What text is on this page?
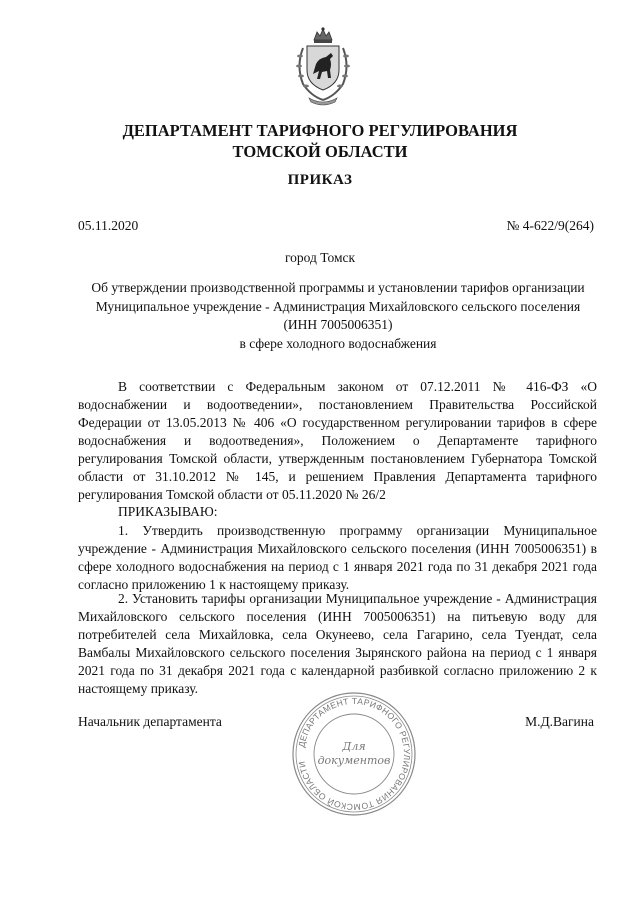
ДЕПАРТАМЕНТ ТАРИФНОГО РЕГУЛИРОВАНИЯ
ТОМСКОЙ ОБЛАСТИ
ПРИКАЗ
05.11.2020	№ 4-622/9(264)
город Томск
Об утверждении производственной программы и установлении тарифов организации
Муниципальное учреждение - Администрация Михайловского сельского поселения
(ИНН 7005006351)
в сфере холодного водоснабжения
В соответствии с Федеральным законом от 07.12.2011 № 416-ФЗ «О водоснабжении и водоотведении», постановлением Правительства Российской Федерации от 13.05.2013 № 406 «О государственном регулировании тарифов в сфере водоснабжения и водоотведения», Положением о Департаменте тарифного регулирования Томской области, утвержденным постановлением Губернатора Томской области от 31.10.2012 № 145, и решением Правления Департамента тарифного регулирования Томской области от 05.11.2020 № 26/2
ПРИКАЗЫВАЮ:
1. Утвердить производственную программу организации Муниципальное учреждение - Администрация Михайловского сельского поселения (ИНН 7005006351) в сфере холодного водоснабжения на период с 1 января 2021 года по 31 декабря 2021 года согласно приложению 1 к настоящему приказу.
2. Установить тарифы организации Муниципальное учреждение - Администрация Михайловского сельского поселения (ИНН 7005006351) на питьевую воду для потребителей села Михайловка, села Окунеево, села Гагарино, села Туендат, села Вамбалы Михайловского сельского поселения Зырянского района на период с 1 января 2021 года по 31 декабря 2021 года с календарной разбивкой согласно приложению 2 к настоящему приказу.
Начальник департамента	М.Д.Вагина
ДЕПАРТАМЕНТ ТАРИФНОГО РЕГУЛИРОВАНИЯ ТОМСКОЙ ОБЛАСТИ
Для
документов
